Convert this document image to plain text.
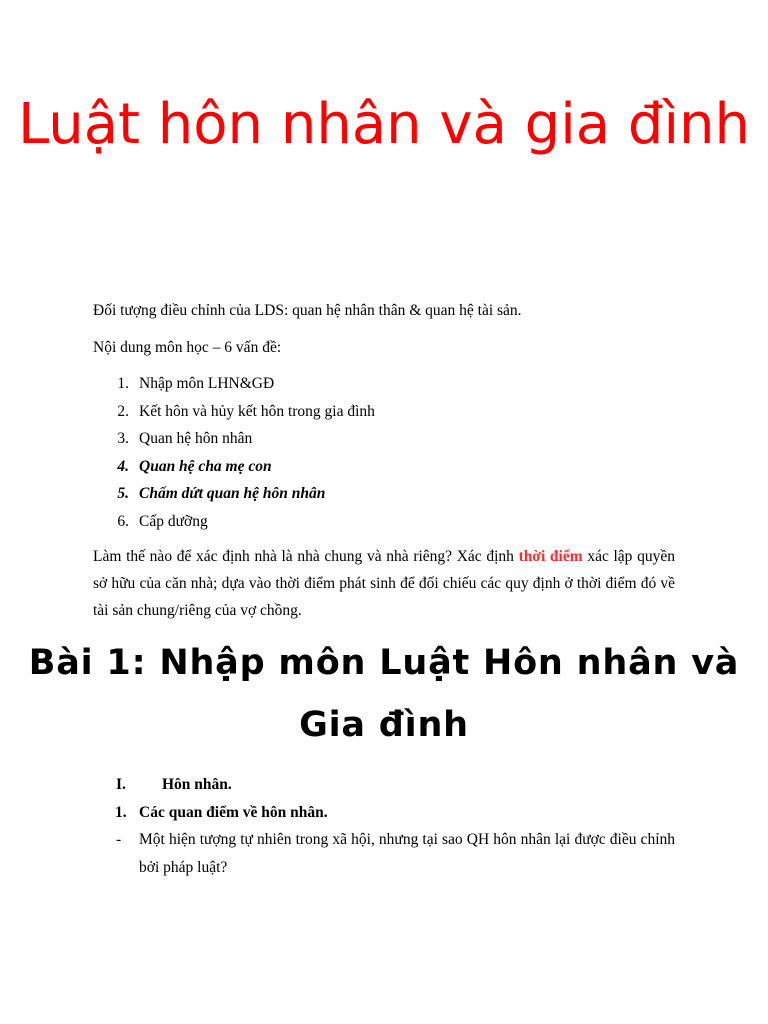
Luật hôn nhân và gia đình

Đối tượng điều chỉnh của LDS: quan hệ nhân thân & quan hệ tài sản.

Nội dung môn học – 6 vấn đề:

1. Nhập môn LHN&GĐ
2. Kết hôn và hủy kết hôn trong gia đình
3. Quan hệ hôn nhân
4. Quan hệ cha mẹ con
5. Chấm dứt quan hệ hôn nhân
6. Cấp dưỡng

Làm thế nào để xác định nhà là nhà chung và nhà riêng? Xác định thời điểm xác lập quyền sở hữu của căn nhà; dựa vào thời điểm phát sinh để đối chiếu các quy định ở thời điểm đó về tài sản chung/riêng của vợ chồng.

Bài 1: Nhập môn Luật Hôn nhân và Gia đình
I.	Hôn nhân.
1. Các quan điểm về hôn nhân.
-	Một hiện tượng tự nhiên trong xã hội, nhưng tại sao QH hôn nhân lại được điều chỉnh bởi pháp luật?
